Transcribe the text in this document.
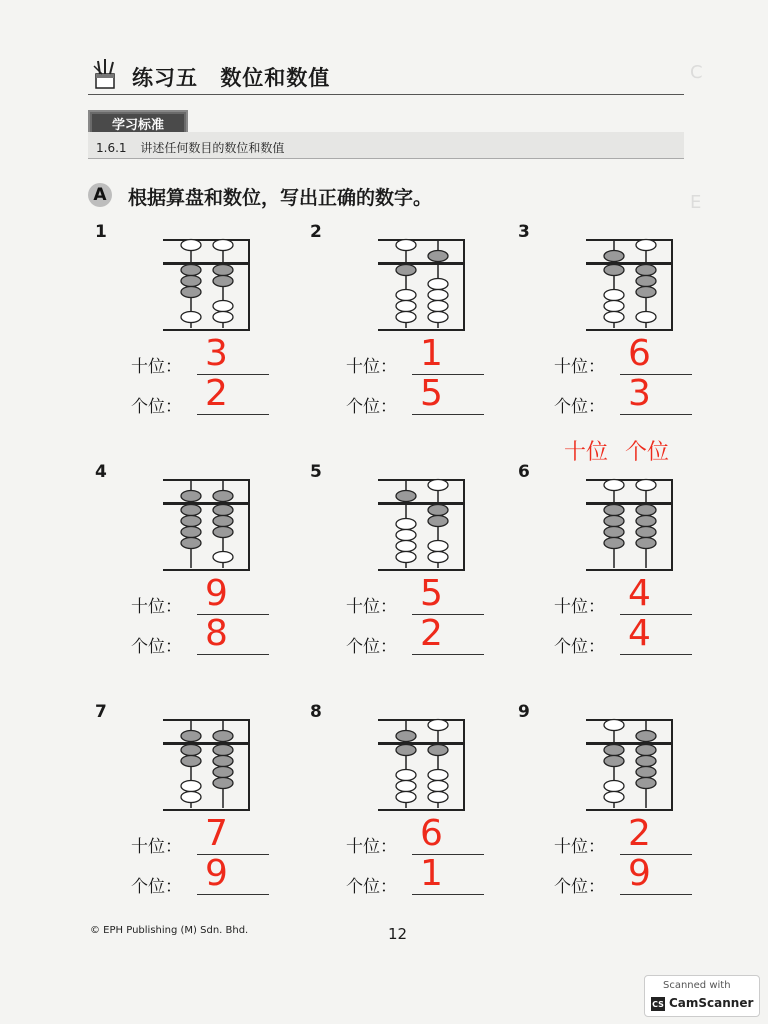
C
E
练习五 数位和数值
学习标准
1.6.1 讲述任何数目的数位和数值
A 根据算盘和数位，写出正确的数字。
十位 个位
1
十位： 3
个位： 2
2
十位： 1
个位： 5
3
十位： 6
个位： 3
4
十位： 9
个位： 8
5
十位： 5
个位： 2
6
十位： 4
个位： 4
7
十位： 7
个位： 9
8
十位： 6
个位： 1
9
十位： 2
个位： 9
© EPH Publishing (M) Sdn. Bhd.	12
Scanned with
CS CamScanner
